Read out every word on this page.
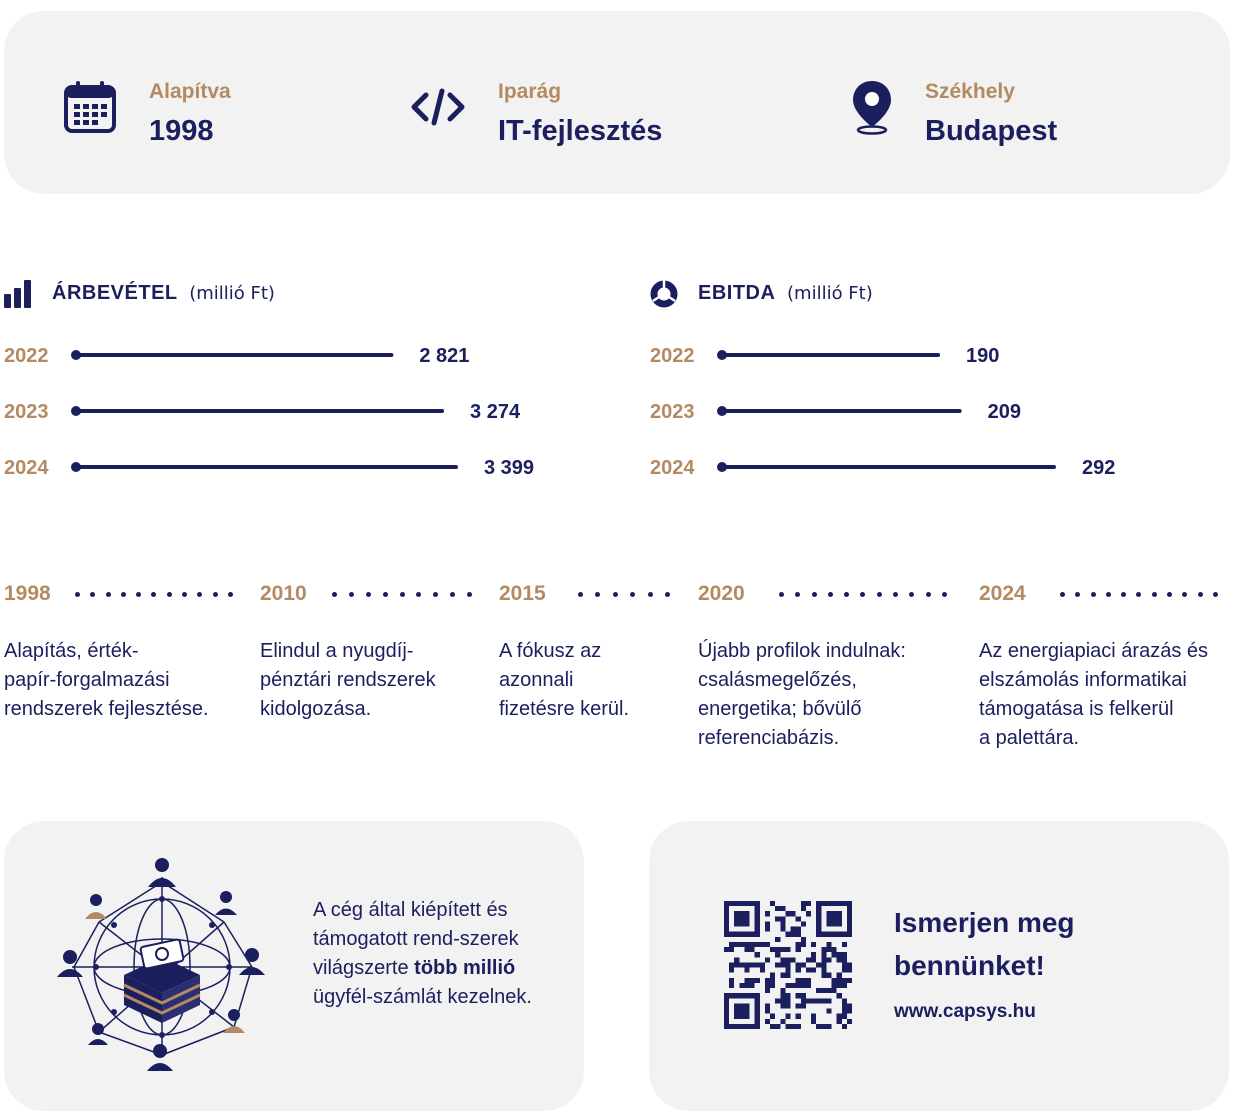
Alapítva
1998
Iparág
IT-fejlesztés
Székhely
Budapest
ÁRBEVÉTEL (millió Ft)
2022	2 821
2023	3 274
2024	3 399
EBITDA (millió Ft)
2022	190
2023	209
2024	292
1998
Alapítás, érték-
papír-forgalmazási
rendszerek fejlesztése.
2010
Elindul a nyugdíj-
pénztári rendszerek
kidolgozása.
2015
A fókusz az
azonnali
fizetésre kerül.
2020
Újabb profilok indulnak:
csalásmegelőzés,
energetika; bővülő
referenciabázis.
2024
Az energiapiaci árazás és
elszámolás informatikai
támogatása is felkerül
a palettára.
A cég által kiépített és támogatott rend-szerek világszerte több millió ügyfél-számlát kezelnek.
Ismerjen meg bennünket!
www.capsys.hu
